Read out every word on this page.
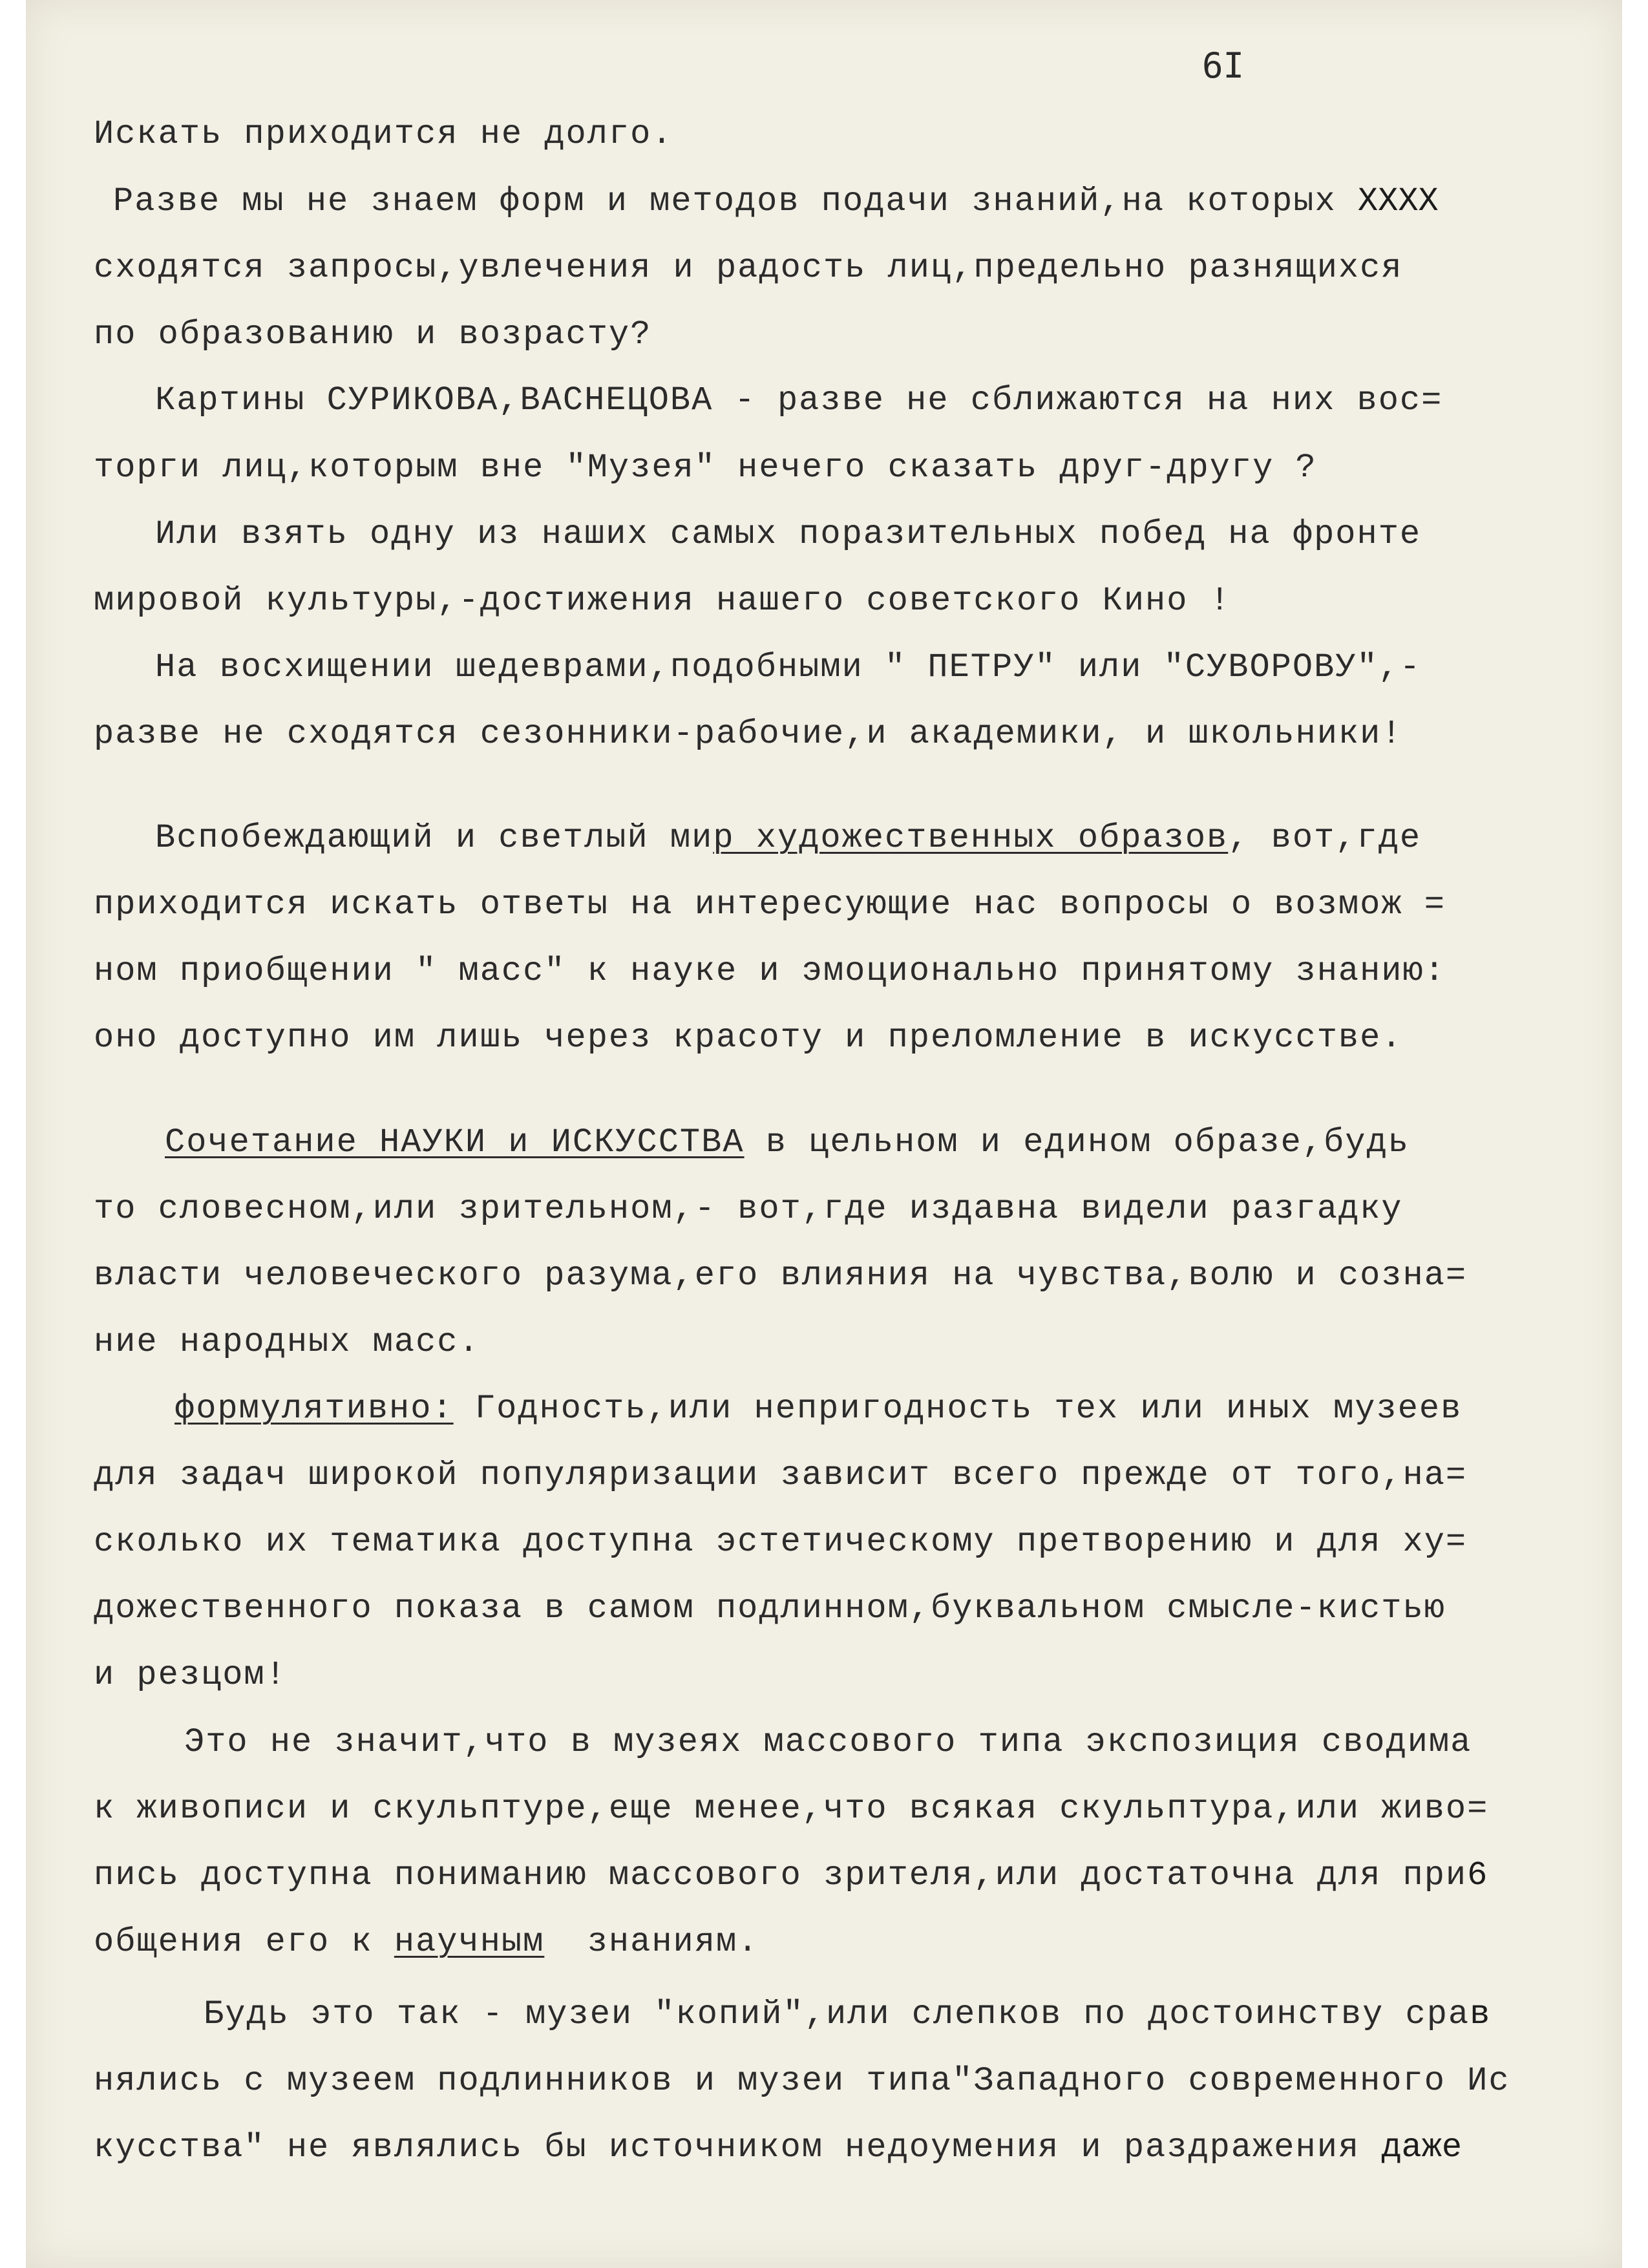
6I
Искать приходится не долго.
Разве мы не знаем форм и методов подачи знаний,на которых XXXX
сходятся запросы,увлечения и радость лиц,предельно разнящихся
по образованию и возрасту?
Картины СУРИКОВА,ВАСНЕЦОВА - разве не сближаются на них вос=
торги лиц,которым вне "Музея" нечего сказать друг-другу ?
Или взять одну из наших самых поразительных побед на фронте
мировой культуры,-достижения нашего советского Кино !
На восхищении шедеврами,подобными " ПЕТРУ" или "СУВОРОВУ",-
разве не сходятся сезонники-рабочие,и академики, и школьники!
Вспобеждающий и светлый мир художественных образов, вот,где
приходится искать ответы на интересующие нас вопросы о возмож =
ном приобщении " масс" к науке и эмоционально принятому знанию:
оно доступно им лишь через красоту и преломление в искусстве.
Сочетание НАУКИ и ИСКУССТВА в цельном и едином образе,будь
то словесном,или зрительном,- вот,где издавна видели разгадку
власти человеческого разума,его влияния на чувства,волю и созна=
ние народных масс.
формулятивно: Годность,или непригодность тех или иных музеев
для задач широкой популяризации зависит всего прежде от того,на=
сколько их тематика доступна эстетическому претворению и для ху=
дожественного показа в самом подлинном,буквальном смысле-кистью
и резцом!
Это не значит,что в музеях массового типа экспозиция сводима
к живописи и скульптуре,еще менее,что всякая скульптура,или живо=
пись доступна пониманию массового зрителя,или достаточна для при6
общения его к научным  знаниям.
Будь это так - музеи "копий",или слепков по достоинству срав
нялись с музеем подлинников и музеи типа"Западного современного Ис
кусства" не являлись бы источником недоумения и раздражения даже
